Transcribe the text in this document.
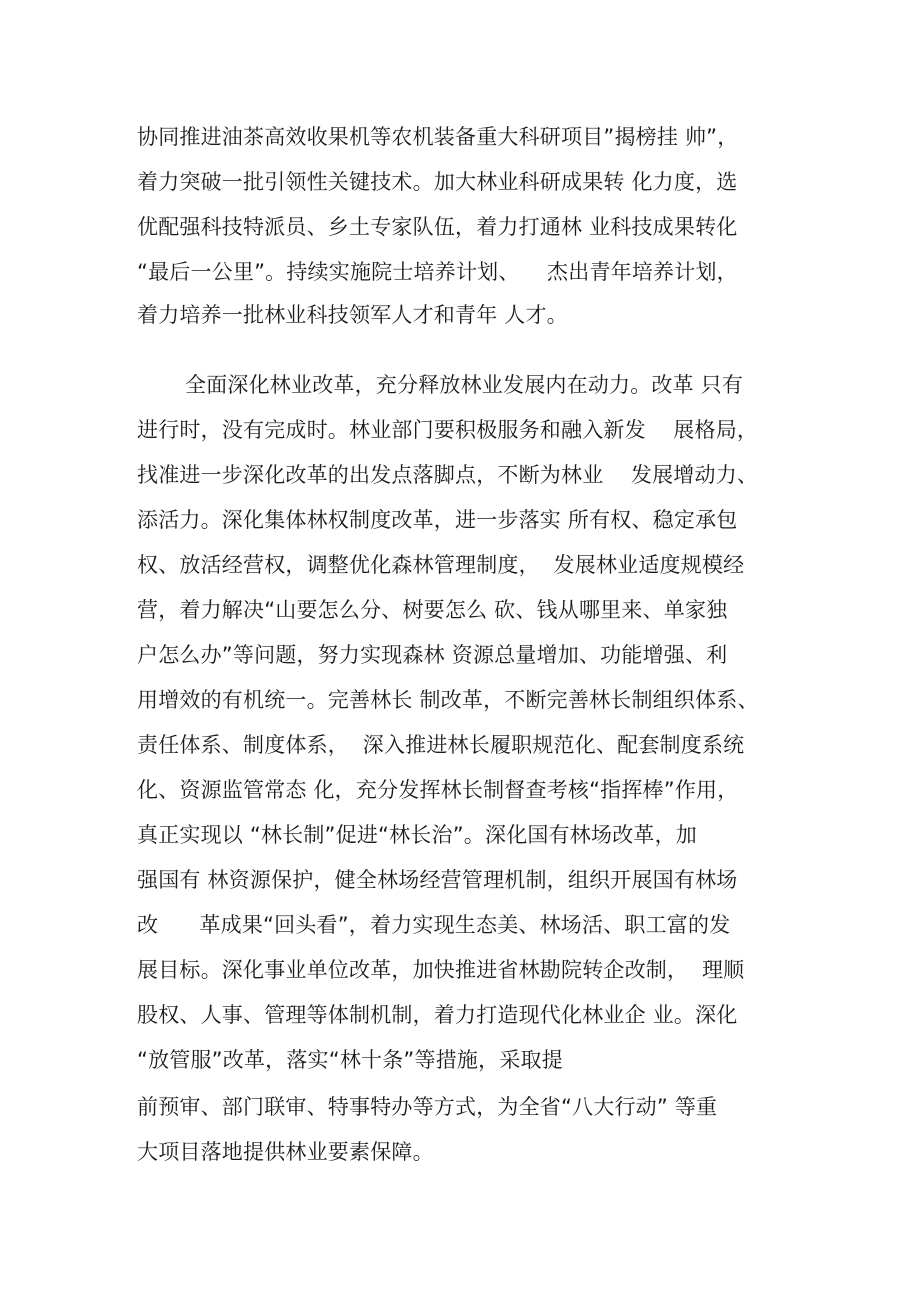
协同推进油茶高效收果机等农机装备重大科研项目”揭榜挂 帅”，
着力突破一批引领性关键技术。加大林业科研成果转 化力度，选
优配强科技特派员、乡土专家队伍，着力打通林 业科技成果转化
“最后一公里”。持续实施院士培养计划、    杰出青年培养计划，
着力培养一批林业科技领军人才和青年 人才。
全面深化林业改革，充分释放林业发展内在动力。改革 只有
进行时，没有完成时。林业部门要积极服务和融入新发    展格局，
找准进一步深化改革的出发点落脚点，不断为林业    发展增动力、
添活力。深化集体林权制度改革，进一步落实 所有权、稳定承包
权、放活经营权，调整优化森林管理制度，  发展林业适度规模经
营，着力解决“山要怎么分、树要怎么 砍、钱从哪里来、单家独
户怎么办”等问题，努力实现森林 资源总量增加、功能增强、利
用增效的有机统一。完善林长 制改革，不断完善林长制组织体系、
责任体系、制度体系，  深入推进林长履职规范化、配套制度系统
化、资源监管常态 化，充分发挥林长制督查考核“指挥棒”作用，
真正实现以 “林长制”促进“林长治”。深化国有林场改革，加
强国有 林资源保护，健全林场经营管理机制，组织开展国有林场
改      革成果“回头看”，着力实现生态美、林场活、职工富的发
展目标。深化事业单位改革，加快推进省林勘院转企改制，  理顺
股权、人事、管理等体制机制，着力打造现代化林业企 业。深化
“放管服”改革，落实“林十条”等措施，采取提
前预审、部门联审、特事特办等方式，为全省“八大行动” 等重
大项目落地提供林业要素保障。
